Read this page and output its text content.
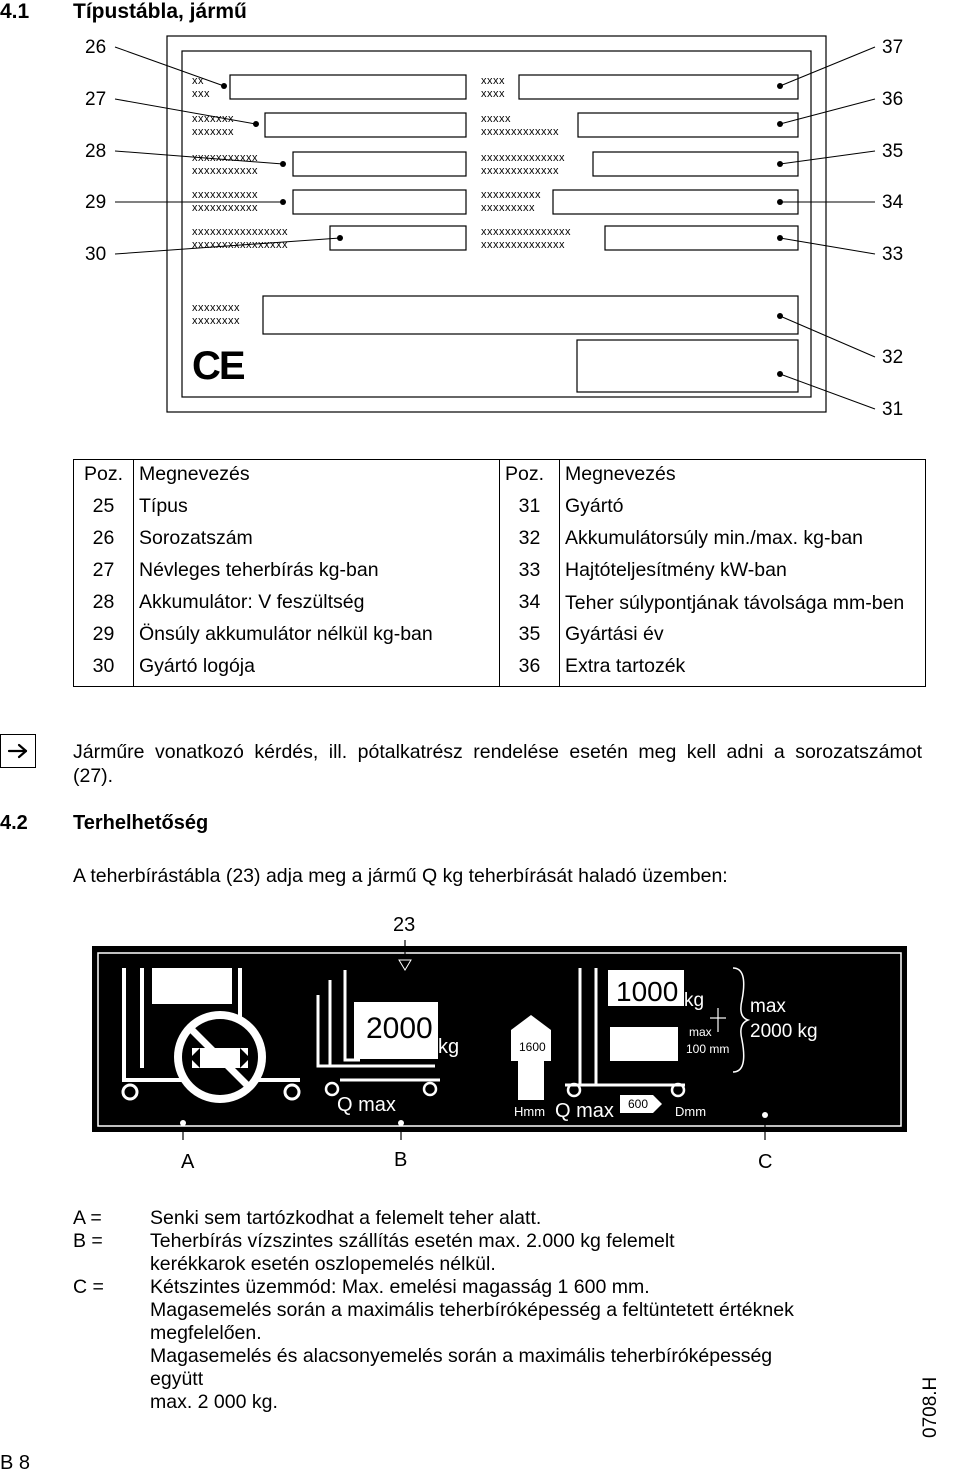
4.1 Típustábla, jármű
26
27
28
29
30
37
36
35
34
33
32
31
xx
xxx
xxxxxxx
xxxxxxx
xxxxxxxxxxx
xxxxxxxxxxx
xxxxxxxxxxx
xxxxxxxxxxx
xxxxxxxxxxxxxxxx
xxxxxxxxxxxxxxxx
xxxx
xxxx
xxxxx
xxxxxxxxxxxxx
xxxxxxxxxxxxxx
xxxxxxxxxxxxx
xxxxxxxxxx
xxxxxxxxx
xxxxxxxxxxxxxxx
xxxxxxxxxxxxxx
xxxxxxxx
xxxxxxxx
CE
Poz.	Megnevezés	Poz.	Megnevezés
25	Típus	31	Gyártó
26	Sorozatszám	32	Akkumulátorsúly min./max. kg-ban
27	Névleges teherbírás kg-ban	33	Hajtóteljesítmény kW-ban
28	Akkumulátor: V feszültség	34	Teher súlypontjának távolsága mm-ben
29	Önsúly akkumulátor nélkül kg-ban	35	Gyártási év
30	Gyártó logója	36	Extra tartozék
Járműre vonatkozó kérdés, ill. pótalkatrész rendelése esetén meg kell adni a sorozatszámot (27).
4.2 Terhelhetőség
A teherbírástábla (23) adja meg a jármű Q kg teherbírását haladó üzemben:
23
2000
kg
Q max
1600
Hmm Q max
1000 kg
max
100 mm
600 Dmm
max
2000 kg
A	B	C
A = Senki sem tartózkodhat a felemelt teher alatt.
B = Teherbírás vízszintes szállítás esetén max. 2.000 kg felemelt
kerékkarok esetén oszlopemelés nélkül.
C = Kétszintes üzemmód: Max. emelési magasság 1 600 mm.
Magasemelés során a maximális teherbíróképesség a feltüntetett értéknek
megfelelően.
Magasemelés és alacsonyemelés során a maximális teherbíróképesség
együtt
max. 2 000 kg.	0708.H
B 8
